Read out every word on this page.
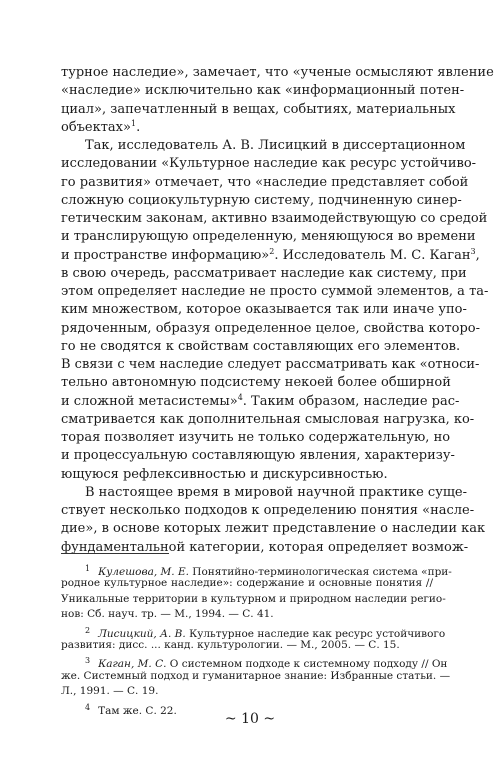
турное наследие», замечает, что «ученые осмысляют явление
«наследие» исключительно как «информационный потен-
циал», запечатленный в вещах, событиях, материальных
объектах»$^1$.
Так, исследователь А. В. Лисицкий в диссертационном
исследовании «Культурное наследие как ресурс устойчиво-
го развития» отмечает, что «наследие представляет собой
сложную социокультурную систему, подчиненную синер-
гетическим законам, активно взаимодействующую со средой
и транслирующую определенную, меняющуюся во времени
и пространстве информацию»$^2$. Исследователь М. С. Каган$^3$,
в свою очередь, рассматривает наследие как систему, при
этом определяет наследие не просто суммой элементов, а та-
ким множеством, которое оказывается так или иначе упо-
рядоченным, образуя определенное целое, свойства которо-
го не сводятся к свойствам составляющих его элементов.
В связи с чем наследие следует рассматривать как «относи-
тельно автономную подсистему некоей более обширной
и сложной метасистемы»$^4$. Таким образом, наследие рас-
сматривается как дополнительная смысловая нагрузка, ко-
торая позволяет изучить не только содержательную, но
и процессуальную составляющую явления, характеризу-
ющуюся рефлексивностью и дискурсивностью.
В настоящее время в мировой научной практике суще-
ствует несколько подходов к определению понятия «насле-
дие», в основе которых лежит представление о наследии как
фундаментальной категории, которая определяет возмож-
1 Кулешова, М. Е. Понятийно-терминологическая система «при-
родное культурное наследие»: содержание и основные понятия //
Уникальные территории в культурном и природном наследии регио-
нов: Сб. науч. тр. — М., 1994. — С. 41.
2 Лисицкий, А. В. Культурное наследие как ресурс устойчивого
развития: дисс. ... канд. культурологии. — М., 2005. — С. 15.
3 Каган, М. С. О системном подходе к системному подходу // Он
же. Системный подход и гуманитарное знание: Избранные статьи. —
Л., 1991. — С. 19.
4 Там же. С. 22.
~ 10 ~
